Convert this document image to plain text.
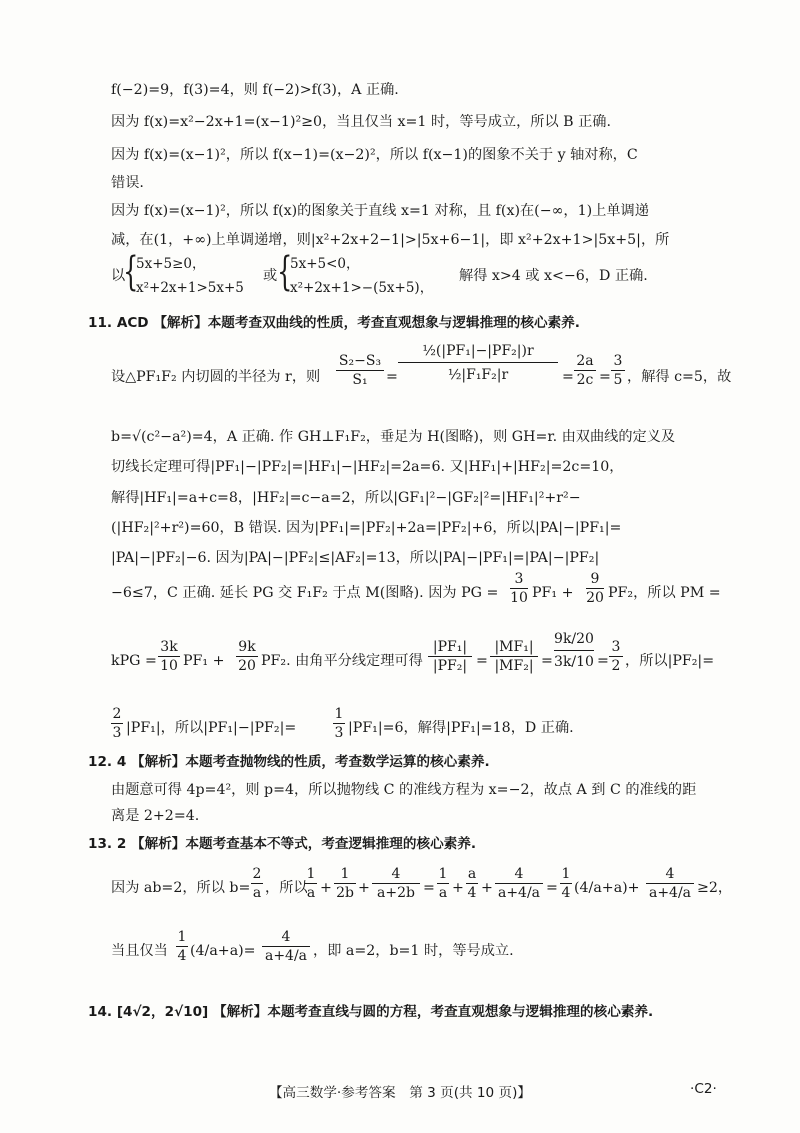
f(−2)=9，f(3)=4，则 f(−2)>f(3)，A 正确.
因为 f(x)=x²−2x+1=(x−1)²≥0，当且仅当 x=1 时，等号成立，所以 B 正确.
因为 f(x)=(x−1)²，所以 f(x−1)=(x−2)²，所以 f(x−1)的图象不关于 y 轴对称，C
错误.
因为 f(x)=(x−1)²，所以 f(x)的图象关于直线 x=1 对称，且 f(x)在(−∞，1)上单调递
减，在(1，+∞)上单调递增，则|x²+2x+2−1|>|5x+6−1|，即 x²+2x+1>|5x+5|，所
以
{
5x+5≥0，
x²+2x+1>5x+5
或 {
5x+5<0，
x²+2x+1>−(5x+5)，
解得 x>4 或 x<−6，D 正确.
11. ACD 【解析】本题考查双曲线的性质，考查直观想象与逻辑推理的核心素养.
设△PF₁F₂ 内切圆的半径为 r，则
S₂−S₃
S₁	=
½(|PF₁|−|PF₂|)r
½|F₁F₂|r	=
2a
2c =
3
5 ，解得 c=5，故
b=√(c²−a²)=4，A 正确. 作 GH⊥F₁F₂，垂足为 H(图略)，则 GH=r. 由双曲线的定义及
切线长定理可得|PF₁|−|PF₂|=|HF₁|−|HF₂|=2a=6. 又|HF₁|+|HF₂|=2c=10，
解得|HF₁|=a+c=8，|HF₂|=c−a=2，所以|GF₁|²−|GF₂|²=|HF₁|²+r²−
(|HF₂|²+r²)=60，B 错误. 因为|PF₁|=|PF₂|+2a=|PF₂|+6，所以|PA|−|PF₁|=
|PA|−|PF₂|−6. 因为|PA|−|PF₂|≤|AF₂|=13，所以|PA|−|PF₁|=|PA|−|PF₂|
−6≤7，C 正确. 延长 PG 交 F₁F₂ 于点 M(图略). 因为 PG =
3
10 PF₁ +
9
20 PF₂，所以 PM =
kPG =
3k
10 PF₁ +
9k
20 PF₂. 由角平分线定理可得
|PF₁|
|PF₂| =
|MF₁|
|MF₂| =
9k/20
3k/10 =
3
2 ，所以|PF₂|=
2
3 |PF₁|，所以|PF₁|−|PF₂|=
1
3 |PF₁|=6，解得|PF₁|=18，D 正确.
12. 4 【解析】本题考查抛物线的性质，考查数学运算的核心素养.
由题意可得 4p=4²，则 p=4，所以抛物线 C 的准线方程为 x=−2，故点 A 到 C 的准线的距
离是 2+2=4.
13. 2 【解析】本题考查基本不等式，考查逻辑推理的核心素养.
因为 ab=2，所以 b=
2
a ，所以
1
a +
1
2b +
4
a+2b =
1
a +
a
4 +
4
a+4/a =
1
4 (4/a+a)+
4
a+4/a ≥2，
当且仅当
1
4 (4/a+a)=
4
a+4/a ，即 a=2，b=1 时，等号成立.
14. [4√2，2√10] 【解析】本题考查直线与圆的方程，考查直观想象与逻辑推理的核心素养.
【高三数学·参考答案　第 3 页(共 10 页)】	·C2·
